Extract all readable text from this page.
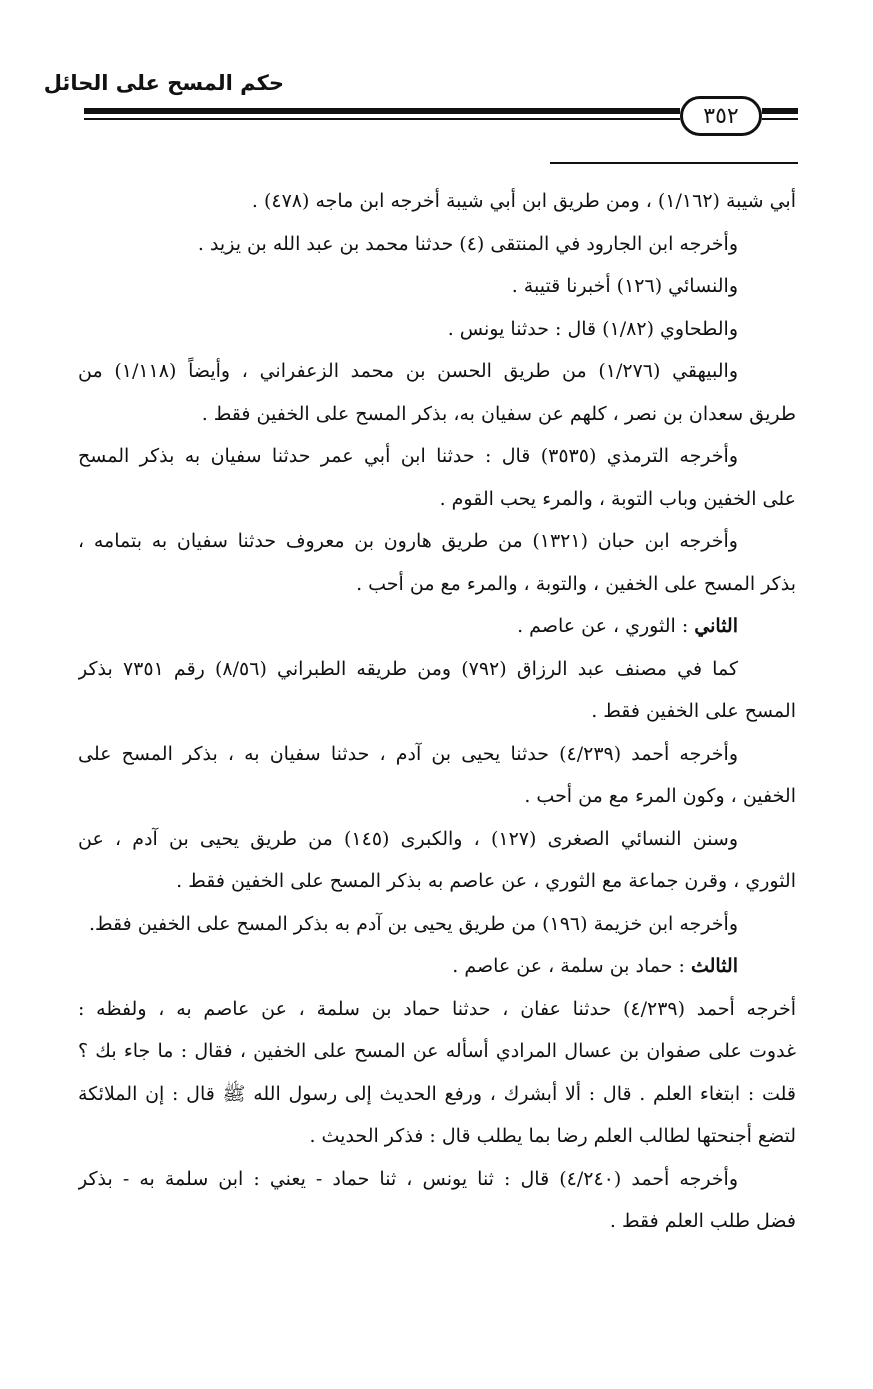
حكم المسح على الحائل
٣٥٢
أبي شيبة (١/١٦٢) ، ومن طريق ابن أبي شيبة أخرجه ابن ماجه (٤٧٨) .
وأخرجه ابن الجارود في المنتقى (٤) حدثنا محمد بن عبد الله بن يزيد .
والنسائي (١٢٦) أخبرنا قتيبة .
والطحاوي (١/٨٢) قال : حدثنا يونس .
والبيهقي (١/٢٧٦) من طريق الحسن بن محمد الزعفراني ، وأيضاً (١/١١٨) من
طريق سعدان بن نصر ، كلهم عن سفيان به، بذكر المسح على الخفين فقط .
وأخرجه الترمذي (٣٥٣٥) قال : حدثنا ابن أبي عمر حدثنا سفيان به بذكر المسح
على الخفين وباب التوبة ، والمرء يحب القوم .
وأخرجه ابن حبان (١٣٢١) من طريق هارون بن معروف حدثنا سفيان به بتمامه ،
بذكر المسح على الخفين ، والتوبة ، والمرء مع من أحب .
الثاني : الثوري ، عن عاصم .
كما في مصنف عبد الرزاق (٧٩٢) ومن طريقه الطبراني (٨/٥٦) رقم ٧٣٥١ بذكر
المسح على الخفين فقط .
وأخرجه أحمد (٤/٢٣٩) حدثنا يحيى بن آدم ، حدثنا سفيان به ، بذكر المسح على
الخفين ، وكون المرء مع من أحب .
وسنن النسائي الصغرى (١٢٧) ، والكبرى (١٤٥) من طريق يحيى بن آدم ، عن
الثوري ، وقرن جماعة مع الثوري ، عن عاصم به بذكر المسح على الخفين فقط .
وأخرجه ابن خزيمة (١٩٦) من طريق يحيى بن آدم به بذكر المسح على الخفين فقط.
الثالث : حماد بن سلمة ، عن عاصم .
أخرجه أحمد (٤/٢٣٩) حدثنا عفان ، حدثنا حماد بن سلمة ، عن عاصم به ، ولفظه :
غدوت على صفوان بن عسال المرادي أسأله عن المسح على الخفين ، فقال : ما جاء بك ؟
قلت : ابتغاء العلم . قال : ألا أبشرك ، ورفع الحديث إلى رسول الله ﷺ قال : إن الملائكة
لتضع أجنحتها لطالب العلم رضا بما يطلب قال : فذكر الحديث .
وأخرجه أحمد (٤/٢٤٠) قال : ثنا يونس ، ثنا حماد - يعني : ابن سلمة به - بذكر
فضل طلب العلم فقط .
